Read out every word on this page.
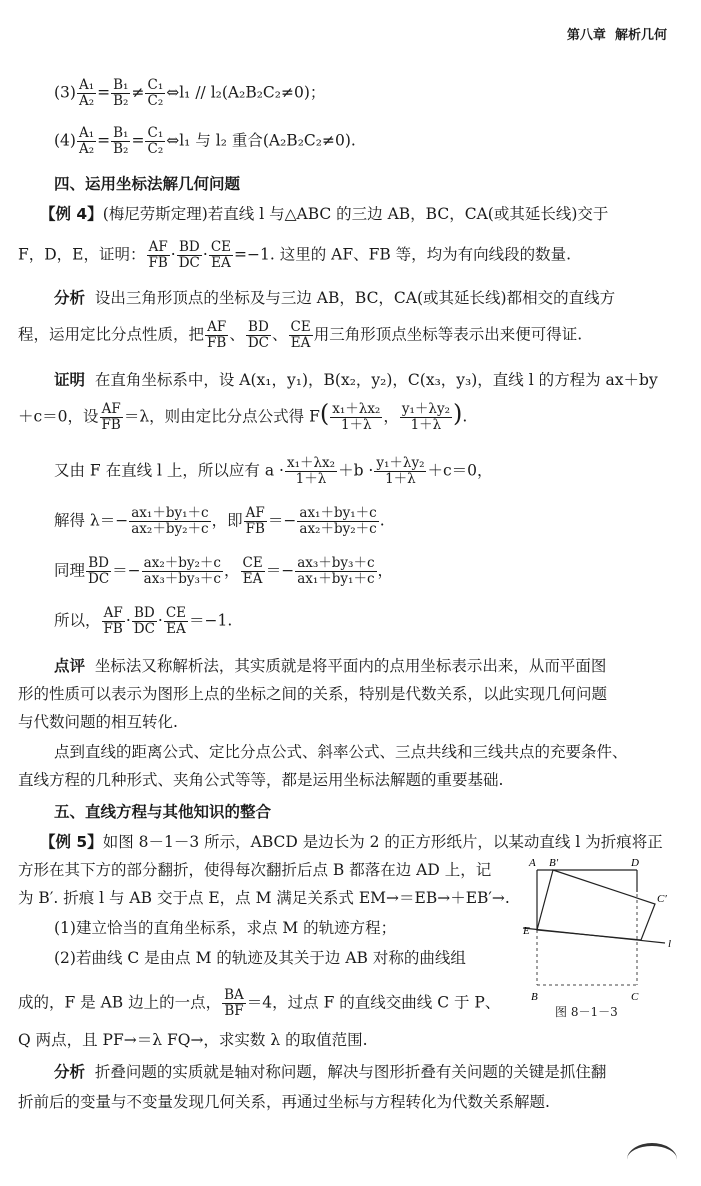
第八章 解析几何
$(3) \frac{\text{A₁}}{\text{A₂}} = \frac{\text{B₁}}{\text{B₂}} \ne \frac{\text{C₁}}{\text{C₂}}$ ⇔l₁ // l₂(A₂B₂C₂≠0)；
$(4) \frac{\text{A₁}}{\text{A₂}} = \frac{\text{B₁}}{\text{B₂}} = \frac{\text{C₁}}{\text{C₂}}$ ⇔l₁ 与 l₂ 重合(A₂B₂C₂≠0).
四、运用坐标法解几何问题
【例 4】(梅尼劳斯定理)若直线 l 与△ABC 的三边 AB，BC，CA(或其延长线)交于
F，D，E，证明： $\frac{AF}{FB} \cdot \frac{BD}{DC} \cdot \frac{CE}{EA} =-1$. 这里的 AF、FB 等，均为有向线段的数量.
分析 设出三角形顶点的坐标及与三边 AB，BC，CA(或其延长线)都相交的直线方
程，运用定比分点性质，把 $\frac{AF}{FB}$ 、 $\frac{BD}{DC}$ 、 $\frac{CE}{EA}$ 用三角形顶点坐标等表示出来便可得证.
证明 在直角坐标系中，设 A(x₁，y₁)，B(x₂，y₂)，C(x₃，y₃)，直线 l 的方程为 ax＋by
＋c＝0，设 $\frac{AF}{FB} =\lambda$，则由定比分点公式得 $F( \frac{\text{x₁＋λx₂}}{1+\lambda}$ ， $\frac{\text{y₁＋λy₂}}{1+\lambda}$ ).
又由 F 在直线 l 上，所以应有 $a \cdot \frac{\text{x₁＋λx₂}}{1+\lambda} +b \cdot \frac{\text{y₁＋λy₂}}{1+\lambda} +c=0$，
解得 $\lambda=- \frac{\text{ax₁＋by₁＋c}}{\text{ax₂＋by₂＋c}}$ ，即 $\frac{AF}{FB} =- \frac{\text{ax₁＋by₁＋c}}{\text{ax₂＋by₂＋c}}$ .
同理 $\frac{BD}{DC} =- \frac{\text{ax₂＋by₂＋c}}{\text{ax₃＋by₃＋c}}$ ， $\frac{CE}{EA} =- \frac{\text{ax₃＋by₃＋c}}{\text{ax₁＋by₁＋c}}$ ，
所以， $\frac{AF}{FB} \cdot \frac{BD}{DC} \cdot \frac{CE}{EA} =-1$.
点评 坐标法又称解析法，其实质就是将平面内的点用坐标表示出来，从而平面图
形的性质可以表示为图形上点的坐标之间的关系，特别是代数关系，以此实现几何问题
与代数问题的相互转化.
点到直线的距离公式、定比分点公式、斜率公式、三点共线和三线共点的充要条件、
直线方程的几种形式、夹角公式等等，都是运用坐标法解题的重要基础.
五、直线方程与其他知识的整合
【例 5】如图 8－1－3 所示，ABCD 是边长为 2 的正方形纸片，以某动直线 l 为折痕将正
方形在其下方的部分翻折，使得每次翻折后点 B 都落在边 AD 上，记
为 B′. 折痕 l 与 AB 交于点 E，点 M 满足关系式 EM→＝EB→＋EB′→.
(1)建立恰当的直角坐标系，求点 M 的轨迹方程；
(2)若曲线 C 是由点 M 的轨迹及其关于边 AB 对称的曲线组
成的，F 是 AB 边上的一点， $\frac{BA}{BF} =4$，过点 F 的直线交曲线 C 于 P、
Q 两点，且 PF→＝λ FQ→，求实数 λ 的取值范围.
A B′	D
C′
E
l
B	C
图 8－1－3
分析 折叠问题的实质就是轴对称问题，解决与图形折叠有关问题的关键是抓住翻
折前后的变量与不变量发现几何关系，再通过坐标与方程转化为代数关系解题.
